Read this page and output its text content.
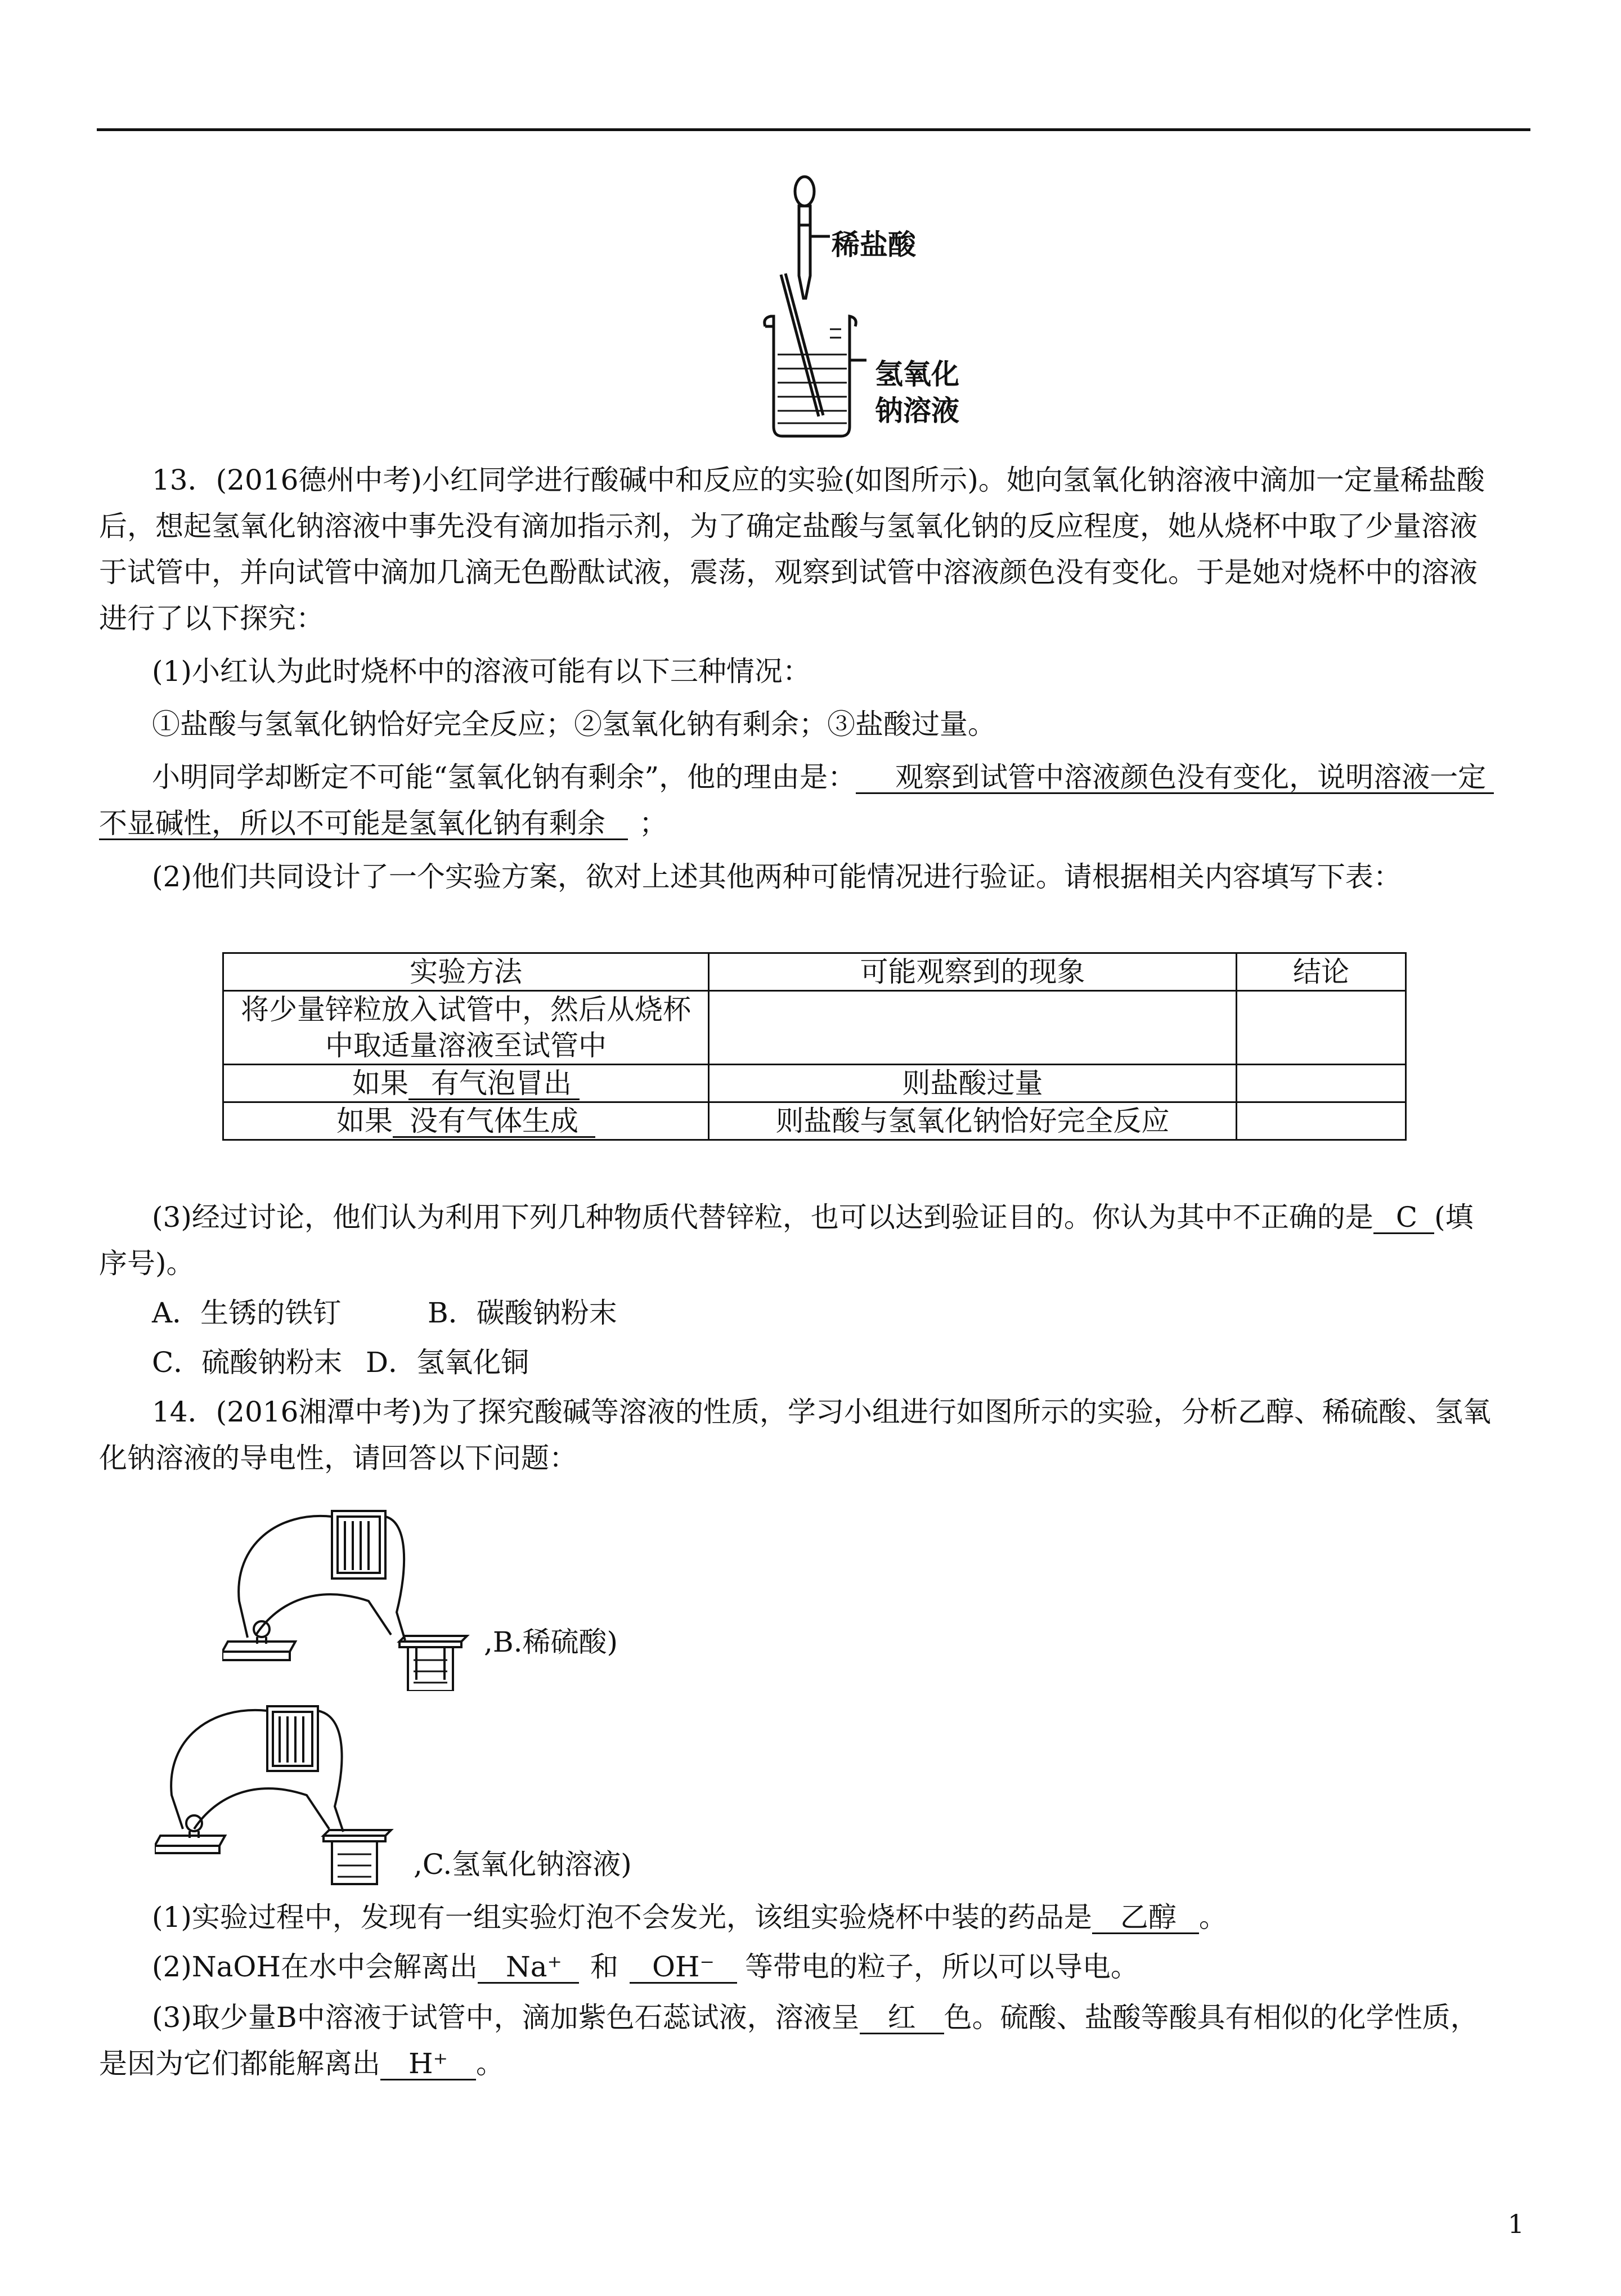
稀盐酸
氢氧化
钠溶液
13．(2016德州中考)小红同学进行酸碱中和反应的实验(如图所示)。她向氢氧化钠溶液中滴加一定量稀盐酸
后，想起氢氧化钠溶液中事先没有滴加指示剂，为了确定盐酸与氢氧化钠的反应程度，她从烧杯中取了少量溶液
于试管中，并向试管中滴加几滴无色酚酞试液，震荡，观察到试管中溶液颜色没有变化。于是她对烧杯中的溶液
进行了以下探究：
(1)小红认为此时烧杯中的溶液可能有以下三种情况：
①盐酸与氢氧化钠恰好完全反应；②氢氧化钠有剩余；③盐酸过量。
小明同学却断定不可能“氢氧化钠有剩余”，他的理由是： 观察到试管中溶液颜色没有变化，说明溶液一定
不显碱性，所以不可能是氢氧化钠有剩余 ；
(2)他们共同设计了一个实验方案，欲对上述其他两种可能情况进行验证。请根据相关内容填写下表：
实验方法	可能观察到的现象	结论

将少量锌粒放入试管中，然后从烧杯
中取适量溶液至试管中		

如果 有气泡冒出	则盐酸过量	
如果 没有气体生成	则盐酸与氢氧化钠恰好完全反应	
(3)经过讨论，他们认为利用下列几种物质代替锌粒，也可以达到验证目的。你认为其中不正确的是 C (填
序号)。
A．生锈的铁钉	B．碳酸钠粉末
C．硫酸钠粉末 D．氢氧化铜
14．(2016湘潭中考)为了探究酸碱等溶液的性质，学习小组进行如图所示的实验，分析乙醇、稀硫酸、氢氧
化钠溶液的导电性，请回答以下问题：
,B.稀硫酸)
,C.氢氧化钠溶液)
(1)实验过程中，发现有一组实验灯泡不会发光，该组实验烧杯中装的药品是 乙醇 。
(2)NaOH在水中会解离出 Na⁺ 和 OH⁻ 等带电的粒子，所以可以导电。
(3)取少量B中溶液于试管中，滴加紫色石蕊试液，溶液呈 红 色。硫酸、盐酸等酸具有相似的化学性质，
是因为它们都能解离出 H⁺ 。
1
